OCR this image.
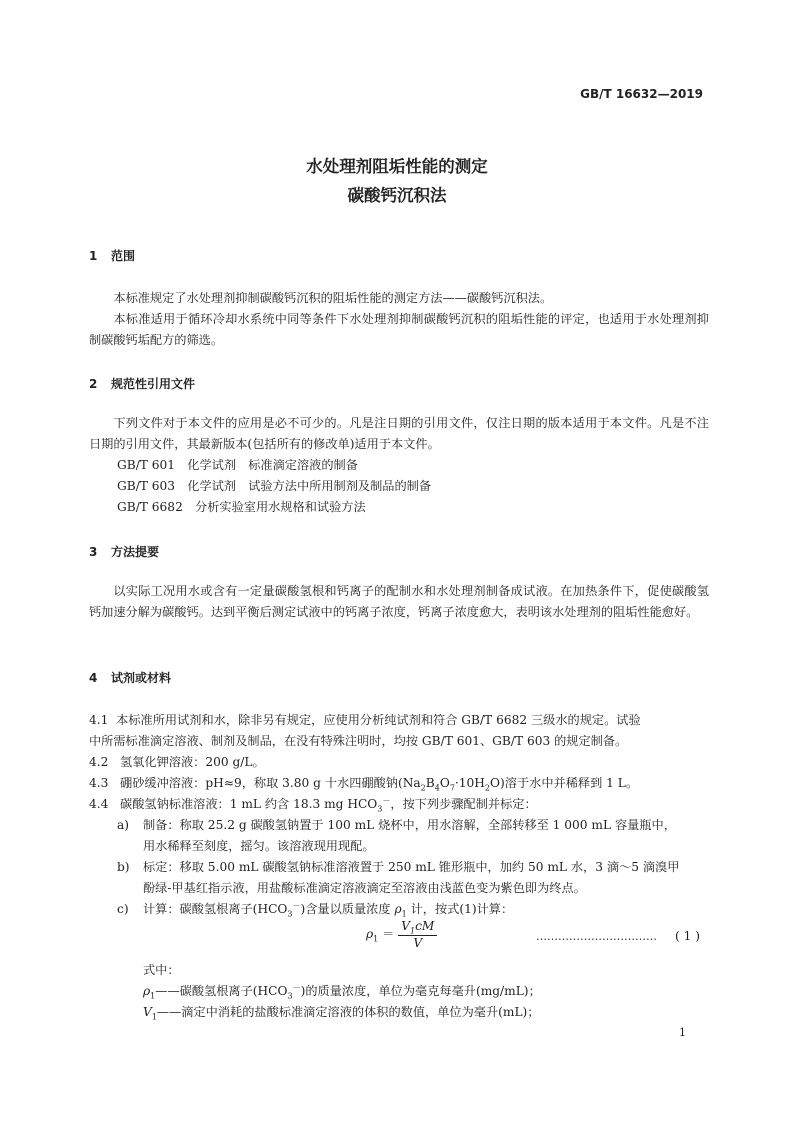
GB/T 16632—2019
水处理剂阻垢性能的测定
碳酸钙沉积法
1 范围

本标准规定了水处理剂抑制碳酸钙沉积的阻垢性能的测定方法——碳酸钙沉积法。

本标准适用于循环冷却水系统中同等条件下水处理剂抑制碳酸钙沉积的阻垢性能的评定，也适用于水处理剂抑制碳酸钙垢配方的筛选。

2 规范性引用文件

下列文件对于本文件的应用是必不可少的。凡是注日期的引用文件，仅注日期的版本适用于本文件。凡是不注日期的引用文件，其最新版本(包括所有的修改单)适用于本文件。

GB/T 601　化学试剂　标准滴定溶液的制备
GB/T 603　化学试剂　试验方法中所用制剂及制品的制备
GB/T 6682　分析实验室用水规格和试验方法
3 方法提要

以实际工况用水或含有一定量碳酸氢根和钙离子的配制水和水处理剂制备成试液。在加热条件下，促使碳酸氢钙加速分解为碳酸钙。达到平衡后测定试液中的钙离子浓度，钙离子浓度愈大，表明该水处理剂的阻垢性能愈好。

4 试剂或材料
4.1 本标准所用试剂和水，除非另有规定，应使用分析纯试剂和符合 GB/T 6682 三级水的规定。试验
中所需标准滴定溶液、制剂及制品，在没有特殊注明时，均按 GB/T 601、GB/T 603 的规定制备。
4.2 氢氧化钾溶液：200 g/L。
4.3 硼砂缓冲溶液：pH≈9，称取 3.80 g 十水四硼酸钠$(Na_2B_4O_7\cdot 10H_2O)$溶于水中并稀释到 1 L。
4.4 碳酸氢钠标准溶液：1 mL 约含 18.3 mg $HCO_3^-$，按下列步骤配制并标定：
a) 制备：称取 25.2 g 碳酸氢钠置于 100 mL 烧杯中，用水溶解，全部转移至 1 000 mL 容量瓶中，
用水稀释至刻度，摇匀。该溶液现用现配。
b) 标定：移取 5.00 mL 碳酸氢钠标准溶液置于 250 mL 锥形瓶中，加约 50 mL 水，3 滴～5 滴溴甲
酚绿-甲基红指示液，用盐酸标准滴定溶液滴定至溶液由浅蓝色变为紫色即为终点。
c) 计算：碳酸氢根离子$(HCO_3^-)$含量以质量浓度 $\rho_1$ 计，按式(1)计算：
$\rho_1 = \frac{V_1cM}{V}$	…………………………… ( 1 )
式中：
$\rho_1——$碳酸氢根离子$(HCO_3^-)$的质量浓度，单位为毫克每毫升(mg/mL)；
$V_1——$滴定中消耗的盐酸标准滴定溶液的体积的数值，单位为毫升(mL)；
1
